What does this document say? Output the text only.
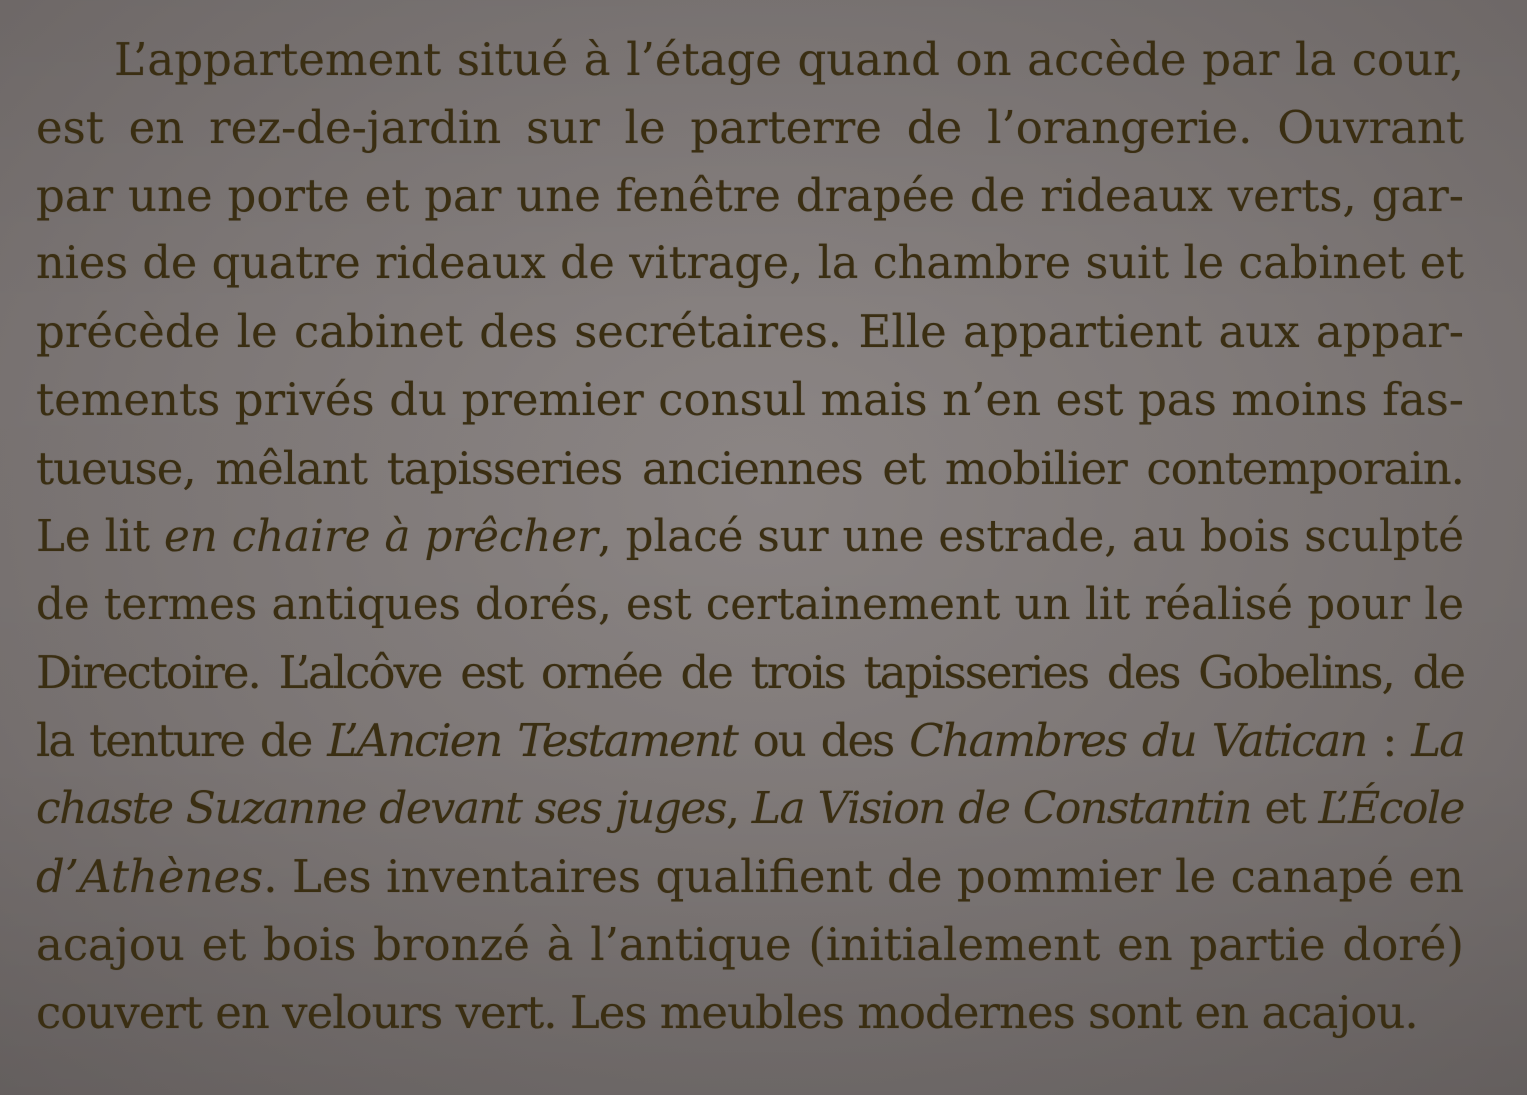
L’appartement situé à l’étage quand on accède par la cour,
est en rez-de-jardin sur le parterre de l’orangerie. Ouvrant
par une porte et par une fenêtre drapée de rideaux verts, gar-
nies de quatre rideaux de vitrage, la chambre suit le cabinet et
précède le cabinet des secrétaires. Elle appartient aux appar-
tements privés du premier consul mais n’en est pas moins fas-
tueuse, mêlant tapisseries anciennes et mobilier contemporain.
Le lit en chaire à prêcher, placé sur une estrade, au bois sculpté
de termes antiques dorés, est certainement un lit réalisé pour le
Directoire. L’alcôve est ornée de trois tapisseries des Gobelins, de
la tenture de L’Ancien Testament ou des Chambres du Vatican : La
chaste Suzanne devant ses juges, La Vision de Constantin et L’École
d’Athènes. Les inventaires qualifient de pommier le canapé en
acajou et bois bronzé à l’antique (initialement en partie doré)
couvert en velours vert. Les meubles modernes sont en acajou.
